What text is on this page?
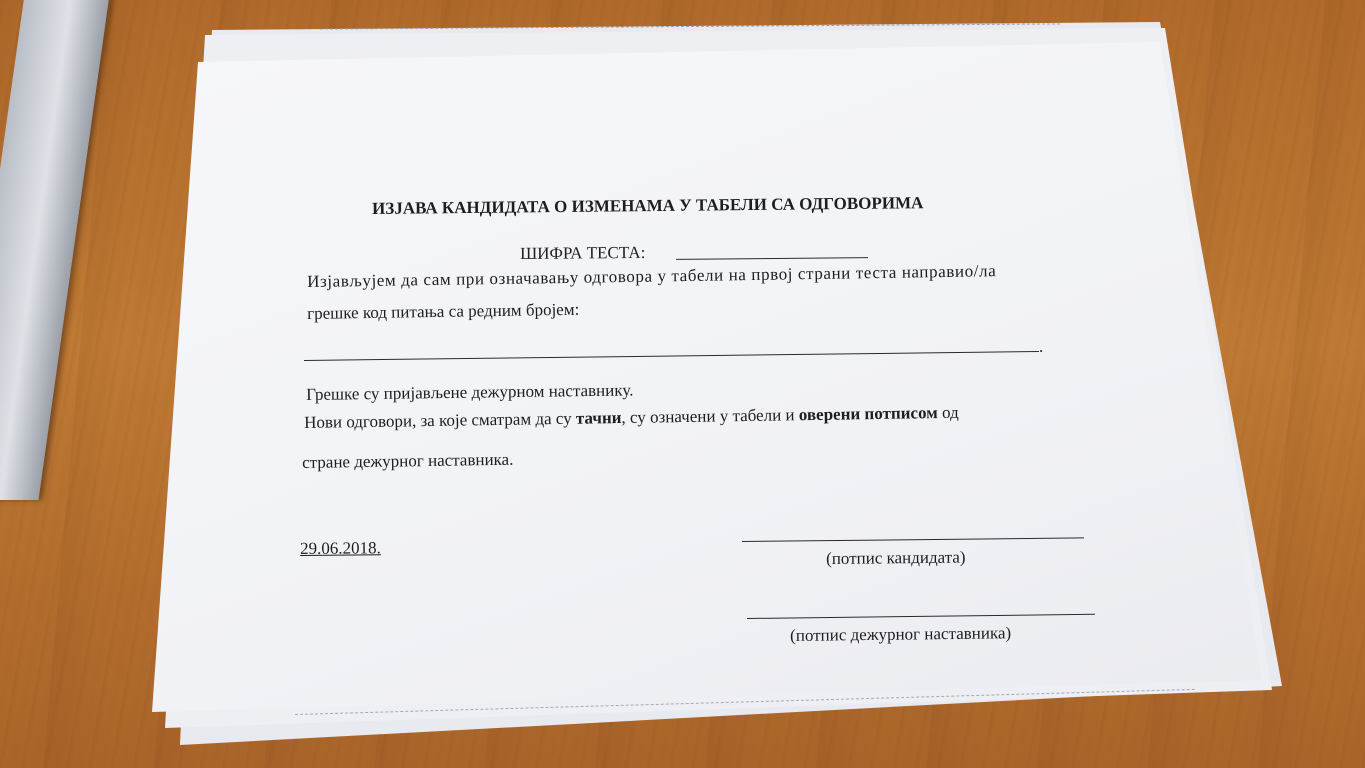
ИЗЈАВА КАНДИДАТА О ИЗМЕНАМА У ТАБЕЛИ СА ОДГОВОРИМА
ШИФРА ТЕСТА:
Изјављујем да сам при означавању одговора у табели на првој страни теста направио/ла
грешке код питања са редним бројем:
.
Грешке су пријављене дежурном наставнику.
Нови одговори, за које сматрам да су тачни, су означени у табели и оверени потписом од
стране дежурног наставника.
29.06.2018.	(потпис кандидата)
(потпис дежурног наставника)
